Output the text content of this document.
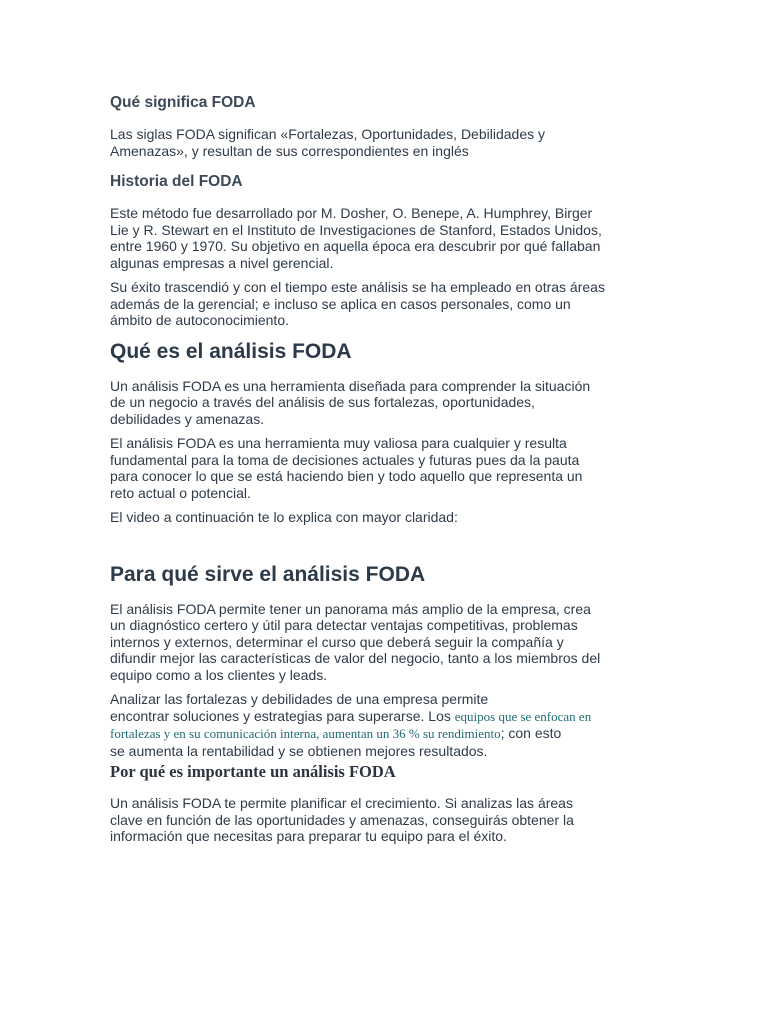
Qué significa FODA

Las siglas FODA significan «Fortalezas, Oportunidades, Debilidades y
Amenazas», y resultan de sus correspondientes en inglés

Historia del FODA

Este método fue desarrollado por M. Dosher, O. Benepe, A. Humphrey, Birger
Lie y R. Stewart en el Instituto de Investigaciones de Stanford, Estados Unidos,
entre 1960 y 1970. Su objetivo en aquella época era descubrir por qué fallaban
algunas empresas a nivel gerencial.

Su éxito trascendió y con el tiempo este análisis se ha empleado en otras áreas
además de la gerencial; e incluso se aplica en casos personales, como un
ámbito de autoconocimiento.

Qué es el análisis FODA

Un análisis FODA es una herramienta diseñada para comprender la situación
de un negocio a través del análisis de sus fortalezas, oportunidades,
debilidades y amenazas.

El análisis FODA es una herramienta muy valiosa para cualquier y resulta
fundamental para la toma de decisiones actuales y futuras pues da la pauta
para conocer lo que se está haciendo bien y todo aquello que representa un
reto actual o potencial.

El video a continuación te lo explica con mayor claridad:

Para qué sirve el análisis FODA

El análisis FODA permite tener un panorama más amplio de la empresa, crea
un diagnóstico certero y útil para detectar ventajas competitivas, problemas
internos y externos, determinar el curso que deberá seguir la compañía y
difundir mejor las características de valor del negocio, tanto a los miembros del
equipo como a los clientes y leads.

Analizar las fortalezas y debilidades de una empresa permite
encontrar soluciones y estrategias para superarse. Los equipos que se enfocan en
fortalezas y en su comunicación interna, aumentan un 36 % su rendimiento; con esto
se aumenta la rentabilidad y se obtienen mejores resultados.

Por qué es importante un análisis FODA

Un análisis FODA te permite planificar el crecimiento. Si analizas las áreas
clave en función de las oportunidades y amenazas, conseguirás obtener la
información que necesitas para preparar tu equipo para el éxito.
